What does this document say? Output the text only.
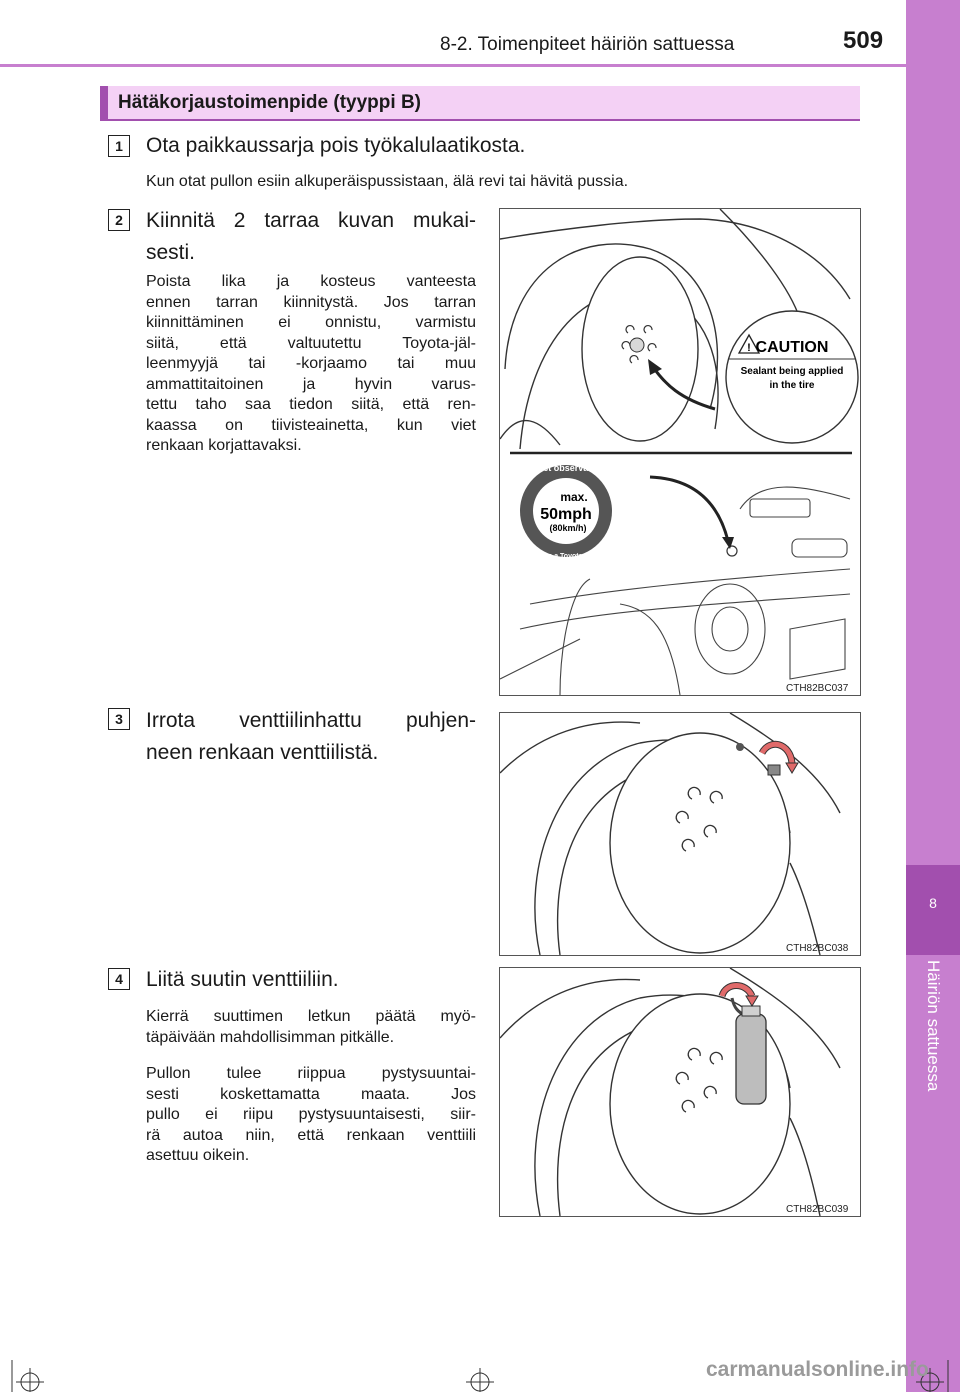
8
Häiriön sattuessa
8-2. Toimenpiteet häiriön sattuessa	509
Hätäkorjaustoimenpide (tyyppi B)
1	Ota paikkaussarja pois työkalulaatikosta.
Kun otat pullon esiin alkuperäispussistaan, älä revi tai hävitä pussia.
2	Kiinnitä 2 tarraa kuvan mukai-
sesti.
Poista lika ja kosteus vanteesta
ennen tarran kiinnitystä. Jos tarran
kiinnittäminen ei onnistu, varmistu
siitä, että valtuutettu Toyota-jäl-
leenmyyjä tai -korjaamo tai muu
ammattitaitoinen ja hyvin varus-
tettu taho saa tiedon siitä, että ren-
kaassa on tiivisteainetta, kun viet
renkaan korjattavaksi.
3	Irrota venttiilinhattu puhjen-
neen renkaan venttiilistä.
4	Liitä suutin venttiiliin.
Kierrä suuttimen letkun päätä myö-
täpäivään mahdollisimman pitkälle.
Pullon tulee riippua pystysuuntai-
sesti koskettamatta maata. Jos
pullo ei riipu pystysuuntaisesti, siir-
rä autoa niin, että renkaan venttiili
asettuu oikein.
! CAUTION
Sealant being applied
in the tire
Strict observance
Drive to a Toyota Dealer
max.
50mph
(80km/h)
CTH82BC037
CTH82BC038
CTH82BC039
carmanualsonline.info
